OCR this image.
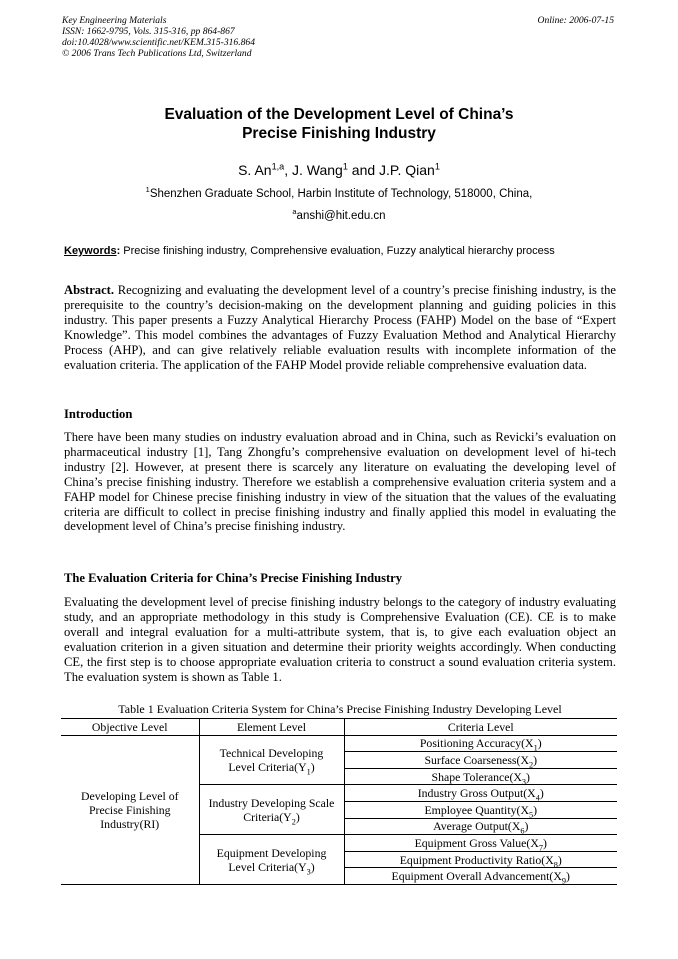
Key Engineering Materials
ISSN: 1662-9795, Vols. 315-316, pp 864-867
doi:10.4028/www.scientific.net/KEM.315-316.864
© 2006 Trans Tech Publications Ltd, Switzerland
Online: 2006-07-15
Evaluation of the Development Level of China’s
Precise Finishing Industry
S. An$^{1,a}$, J. Wang$^1$ and J.P. Qian$^1$
$^1$Shenzhen Graduate School, Harbin Institute of Technology, 518000, China,
$^a$anshi@hit.edu.cn
Keywords: Precise finishing industry, Comprehensive evaluation, Fuzzy analytical hierarchy process
Abstract. Recognizing and evaluating the development level of a country’s precise finishing industry, is the prerequisite to the country’s decision-making on the development planning and guiding policies in this industry. This paper presents a Fuzzy Analytical Hierarchy Process (FAHP) Model on the base of “Expert Knowledge”. This model combines the advantages of Fuzzy Evaluation Method and Analytical Hierarchy Process (AHP), and can give relatively reliable evaluation results with incomplete information of the evaluation criteria. The application of the FAHP Model provide reliable comprehensive evaluation data.
Introduction
There have been many studies on industry evaluation abroad and in China, such as Revicki’s evaluation on pharmaceutical industry [1], Tang Zhongfu’s comprehensive evaluation on development level of hi-tech industry [2]. However, at present there is scarcely any literature on evaluating the developing level of China’s precise finishing industry. Therefore we establish a comprehensive evaluation criteria system and a FAHP model for Chinese precise finishing industry in view of the situation that the values of the evaluating criteria are difficult to collect in precise finishing industry and finally applied this model in evaluating the development level of China’s precise finishing industry.
The Evaluation Criteria for China’s Precise Finishing Industry
Evaluating the development level of precise finishing industry belongs to the category of industry evaluating study, and an appropriate methodology in this study is Comprehensive Evaluation (CE). CE is to make overall and integral evaluation for a multi-attribute system, that is, to give each evaluation object an evaluation criterion in a given situation and determine their priority weights accordingly. When conducting CE, the first step is to choose appropriate evaluation criteria to construct a sound evaluation criteria system. The evaluation system is shown as Table 1.
Table 1 Evaluation Criteria System for China’s Precise Finishing Industry Developing Level
Objective Level	Element Level	Criteria Level
Developing Level of Precise Finishing Industry(RI)	Technical Developing Level $Criteria(Y_1)$	Positioning $Accuracy(X_1)$
		Surface $Coarseness(X_2)$
		Shape $Tolerance(X_3)$
	Industry Developing Scale $Criteria(Y_2)$	Industry Gross $Output(X_4)$
		Employee $Quantity(X_5)$
		Average $Output(X_6)$
	Equipment Developing Level $Criteria(Y_3)$	Equipment Gross $Value(X_7)$
		Equipment Productivity $Ratio(X_8)$
		Equipment Overall $Advancement(X_9)$
